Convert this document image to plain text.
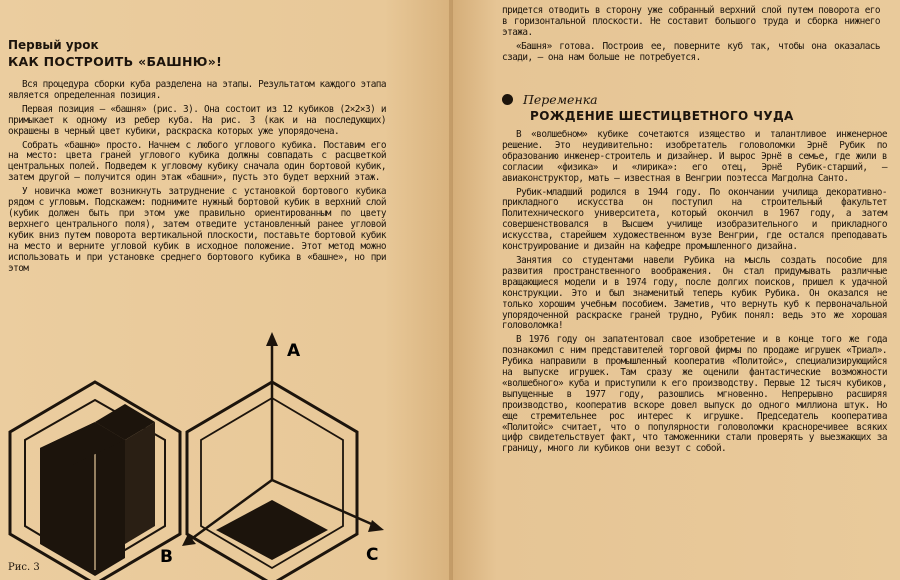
Первый урок
КАК ПОСТРОИТЬ «БАШНЮ»!

Вся процедура сборки куба разделена на этапы. Результатом каждого этапа является определенная позиция.

Первая позиция — «башня» (рис. 3). Она состоит из 12 кубиков (2×2×3) и примыкает к одному из ребер куба. На рис. 3 (как и на последующих) окрашены в черный цвет кубики, раскраска которых уже упорядочена.

Собрать «башню» просто. Начнем с любого углового кубика. Поставим его на место: цвета граней углового кубика должны совпадать с расцветкой центральных полей. Подведем к угловому кубику сначала один бортовой кубик, затем другой — получится один этаж «башни», пусть это будет верхний этаж.

У новичка может возникнуть затруднение с установкой бортового кубика рядом с угловым. Подскажем: поднимите нужный бортовой кубик в верхний слой (кубик должен быть при этом уже правильно ориентированным по цвету верхнего центрального поля), затем отведите установленный ранее угловой кубик вниз путем поворота вертикальной плоскости, поставьте бортовой кубик на место и верните угловой кубик в исходное положение. Этот метод можно использовать и при установке среднего бортового кубика в «башне», но при этом

A
B	C
Рис. 3

придется отводить в сторону уже собранный верхний слой путем поворота его в горизонтальной плоскости. Не составит большого труда и сборка нижнего этажа.

«Башня» готова. Построив ее, поверните куб так, чтобы она оказалась сзади, — она нам больше не потребуется.

Переменка
РОЖДЕНИЕ ШЕСТИЦВЕТНОГО ЧУДА

В «волшебном» кубике сочетаются изящество и талантливое инженерное решение. Это неудивительно: изобретатель головоломки Эрнё Рубик по образованию инженер-строитель и дизайнер. И вырос Эрнё в семье, где жили в согласии «физика» и «лирика»: его отец, Эрнё Рубик-старший, — авиаконструктор, мать — известная в Венгрии поэтесса Магдолна Санто.

Рубик-младший родился в 1944 году. По окончании училища декоративно-прикладного искусства он поступил на строительный факультет Политехнического университета, который окончил в 1967 году, а затем совершенствовался в Высшем училище изобразительного и прикладного искусства, старейшем художественном вузе Венгрии, где остался преподавать конструирование и дизайн на кафедре промышленного дизайна.

Занятия со студентами навели Рубика на мысль создать пособие для развития пространственного воображения. Он стал придумывать различные вращающиеся модели и в 1974 году, после долгих поисков, пришел к удачной конструкции. Это и был знаменитый теперь кубик Рубика. Он оказался не только хорошим учебным пособием. Заметив, что вернуть куб к первоначальной упорядоченной раскраске граней трудно, Рубик понял: ведь это же хорошая головоломка!

В 1976 году он запатентовал свое изобретение и в конце того же года познакомил с ним представителей торговой фирмы по продаже игрушек «Триал». Рубика направили в промышленный кооператив «Политойс», специализирующийся на выпуске игрушек. Там сразу же оценили фантастические возможности «волшебного» куба и приступили к его производству. Первые 12 тысяч кубиков, выпущенные в 1977 году, разошлись мгновенно. Непрерывно расширяя производство, кооператив вскоре довел выпуск до одного миллиона штук. Но еще стремительнее рос интерес к игрушке. Председатель кооператива «Политойс» считает, что о популярности головоломки красноречивее всяких цифр свидетельствует факт, что таможенники стали проверять у выезжающих за границу, много ли кубиков они везут с собой.
